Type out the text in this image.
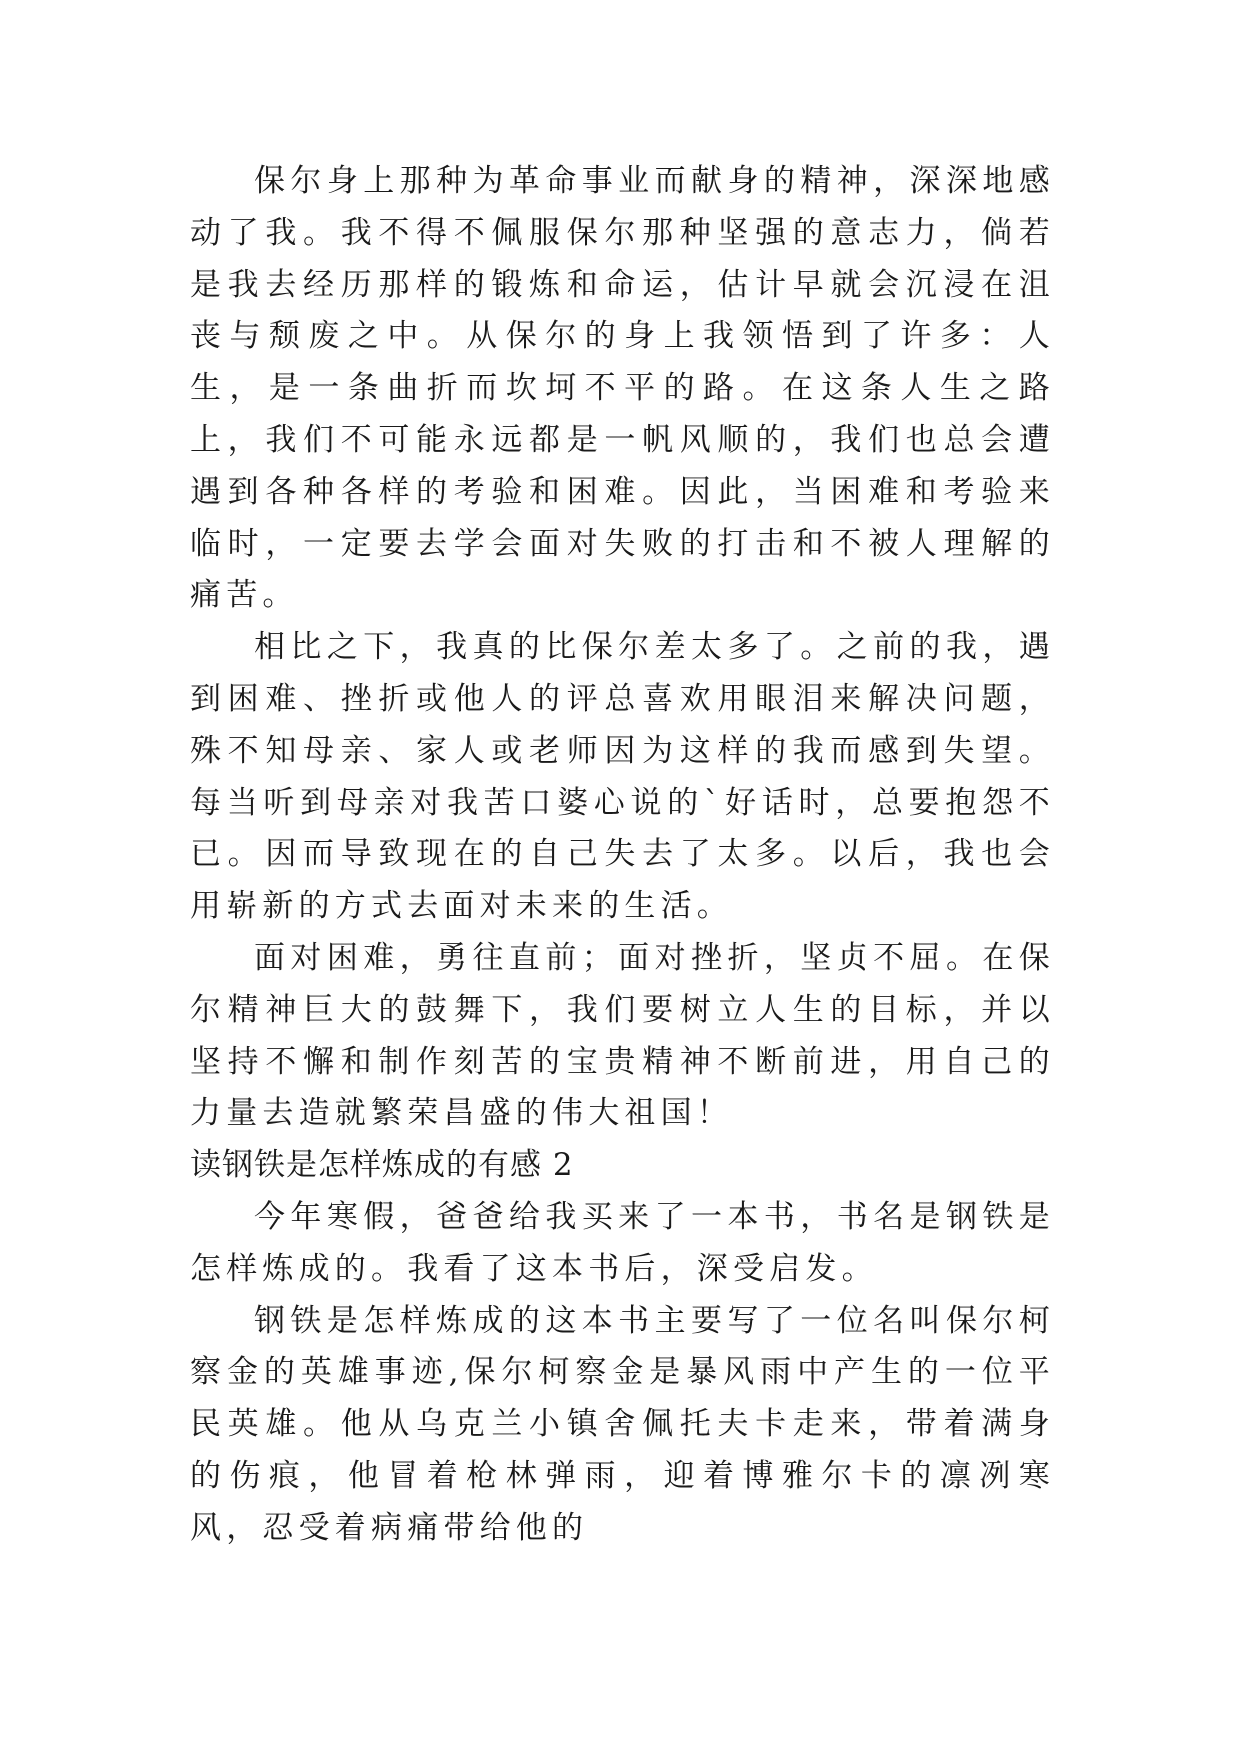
保尔身上那种为革命事业而献身的精神，深深地感动了我。我不得不佩服保尔那种坚强的意志力，倘若是我去经历那样的锻炼和命运，估计早就会沉浸在沮丧与颓废之中。从保尔的身上我领悟到了许多：人生，是一条曲折而坎坷不平的路。在这条人生之路上，我们不可能永远都是一帆风顺的，我们也总会遭遇到各种各样的考验和困难。因此，当困难和考验来临时，一定要去学会面对失败的打击和不被人理解的痛苦。

相比之下，我真的比保尔差太多了。之前的我，遇到困难、挫折或他人的评总喜欢用眼泪来解决问题，殊不知母亲、家人或老师因为这样的我而感到失望。每当听到母亲对我苦口婆心说的`好话时，总要抱怨不已。因而导致现在的自己失去了太多。以后，我也会用崭新的方式去面对未来的生活。

面对困难，勇往直前；面对挫折，坚贞不屈。在保尔精神巨大的鼓舞下，我们要树立人生的目标，并以坚持不懈和制作刻苦的宝贵精神不断前进，用自己的力量去造就繁荣昌盛的伟大祖国！

读钢铁是怎样炼成的有感 2

今年寒假，爸爸给我买来了一本书，书名是钢铁是怎样炼成的。我看了这本书后，深受启发。

钢铁是怎样炼成的这本书主要写了一位名叫保尔柯察金的英雄事迹,保尔柯察金是暴风雨中产生的一位平民英雄。他从乌克兰小镇舍佩托夫卡走来，带着满身的伤痕，他冒着枪林弹雨，迎着博雅尔卡的凛冽寒风，忍受着病痛带给他的
